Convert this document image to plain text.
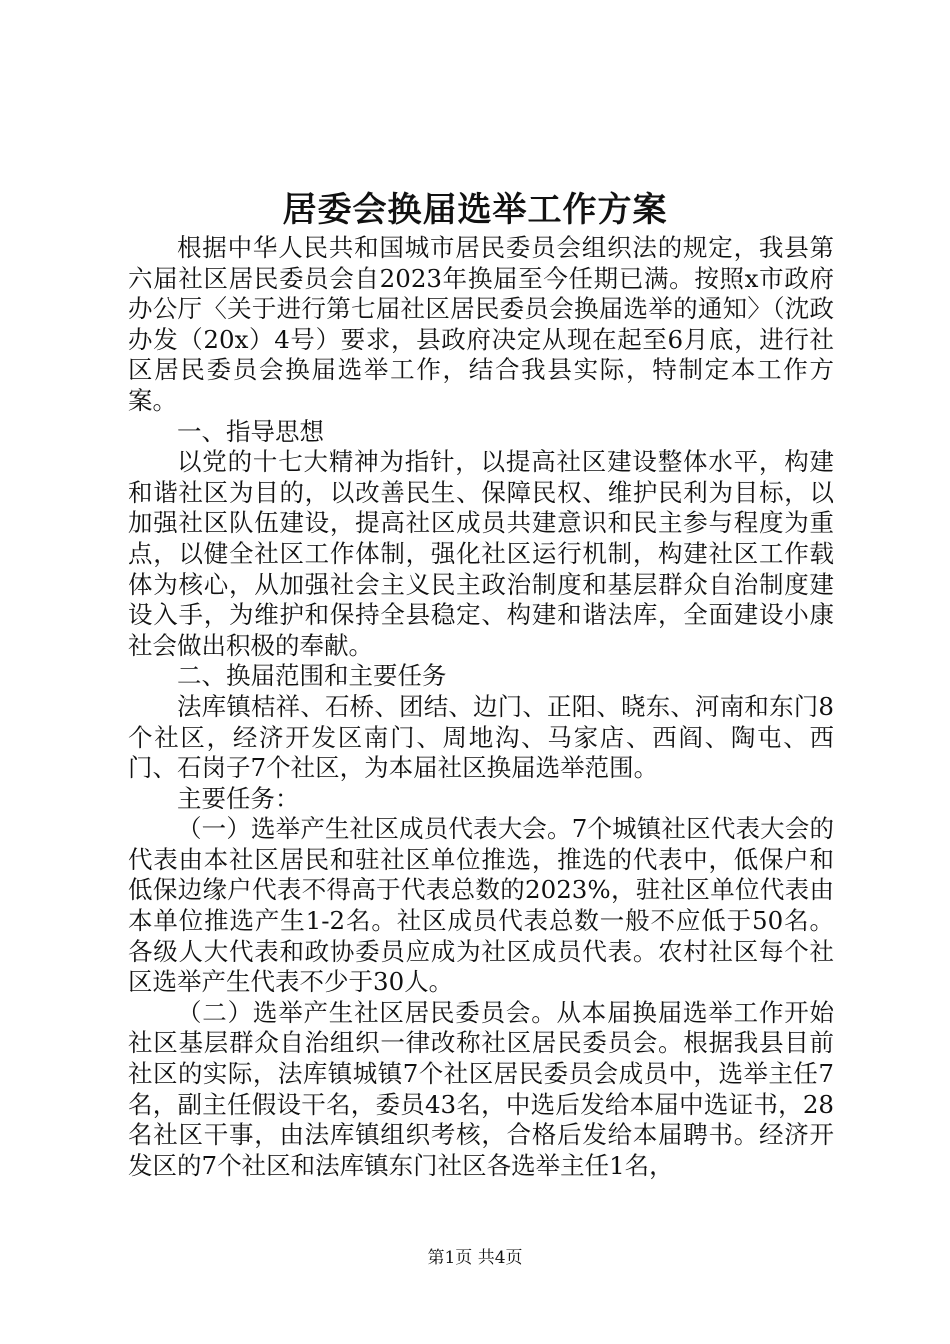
居委会换届选举工作方案

根据中华人民共和国城市居民委员会组织法的规定，我县第六届社区居民委员会自2023年换届至今任期已满。按照x市政府办公厅〈关于进行第七届社区居民委员会换届选举的通知〉（沈政办发（20x）4号）要求，县政府决定从现在起至6月底，进行社区居民委员会换届选举工作，结合我县实际，特制定本工作方案。

一、指导思想

以党的十七大精神为指针，以提高社区建设整体水平，构建和谐社区为目的，以改善民生、保障民权、维护民利为目标，以加强社区队伍建设，提高社区成员共建意识和民主参与程度为重点，以健全社区工作体制，强化社区运行机制，构建社区工作载体为核心，从加强社会主义民主政治制度和基层群众自治制度建设入手，为维护和保持全县稳定、构建和谐法库，全面建设小康社会做出积极的奉献。

二、换届范围和主要任务

法库镇桔祥、石桥、团结、边门、正阳、晓东、河南和东门8个社区，经济开发区南门、周地沟、马家店、西阎、陶屯、西门、石岗子7个社区，为本届社区换届选举范围。

主要任务：

（一）选举产生社区成员代表大会。7个城镇社区代表大会的代表由本社区居民和驻社区单位推选，推选的代表中，低保户和低保边缘户代表不得高于代表总数的2023%，驻社区单位代表由本单位推选产生1-2名。社区成员代表总数一般不应低于50名。各级人大代表和政协委员应成为社区成员代表。农村社区每个社区选举产生代表不少于30人。

（二）选举产生社区居民委员会。从本届换届选举工作开始社区基层群众自治组织一律改称社区居民委员会。根据我县目前社区的实际，法库镇城镇7个社区居民委员会成员中，选举主任7名，副主任假设干名，委员43名，中选后发给本届中选证书，28名社区干事，由法库镇组织考核，合格后发给本届聘书。经济开发区的7个社区和法库镇东门社区各选举主任1名，

第1页 共4页
